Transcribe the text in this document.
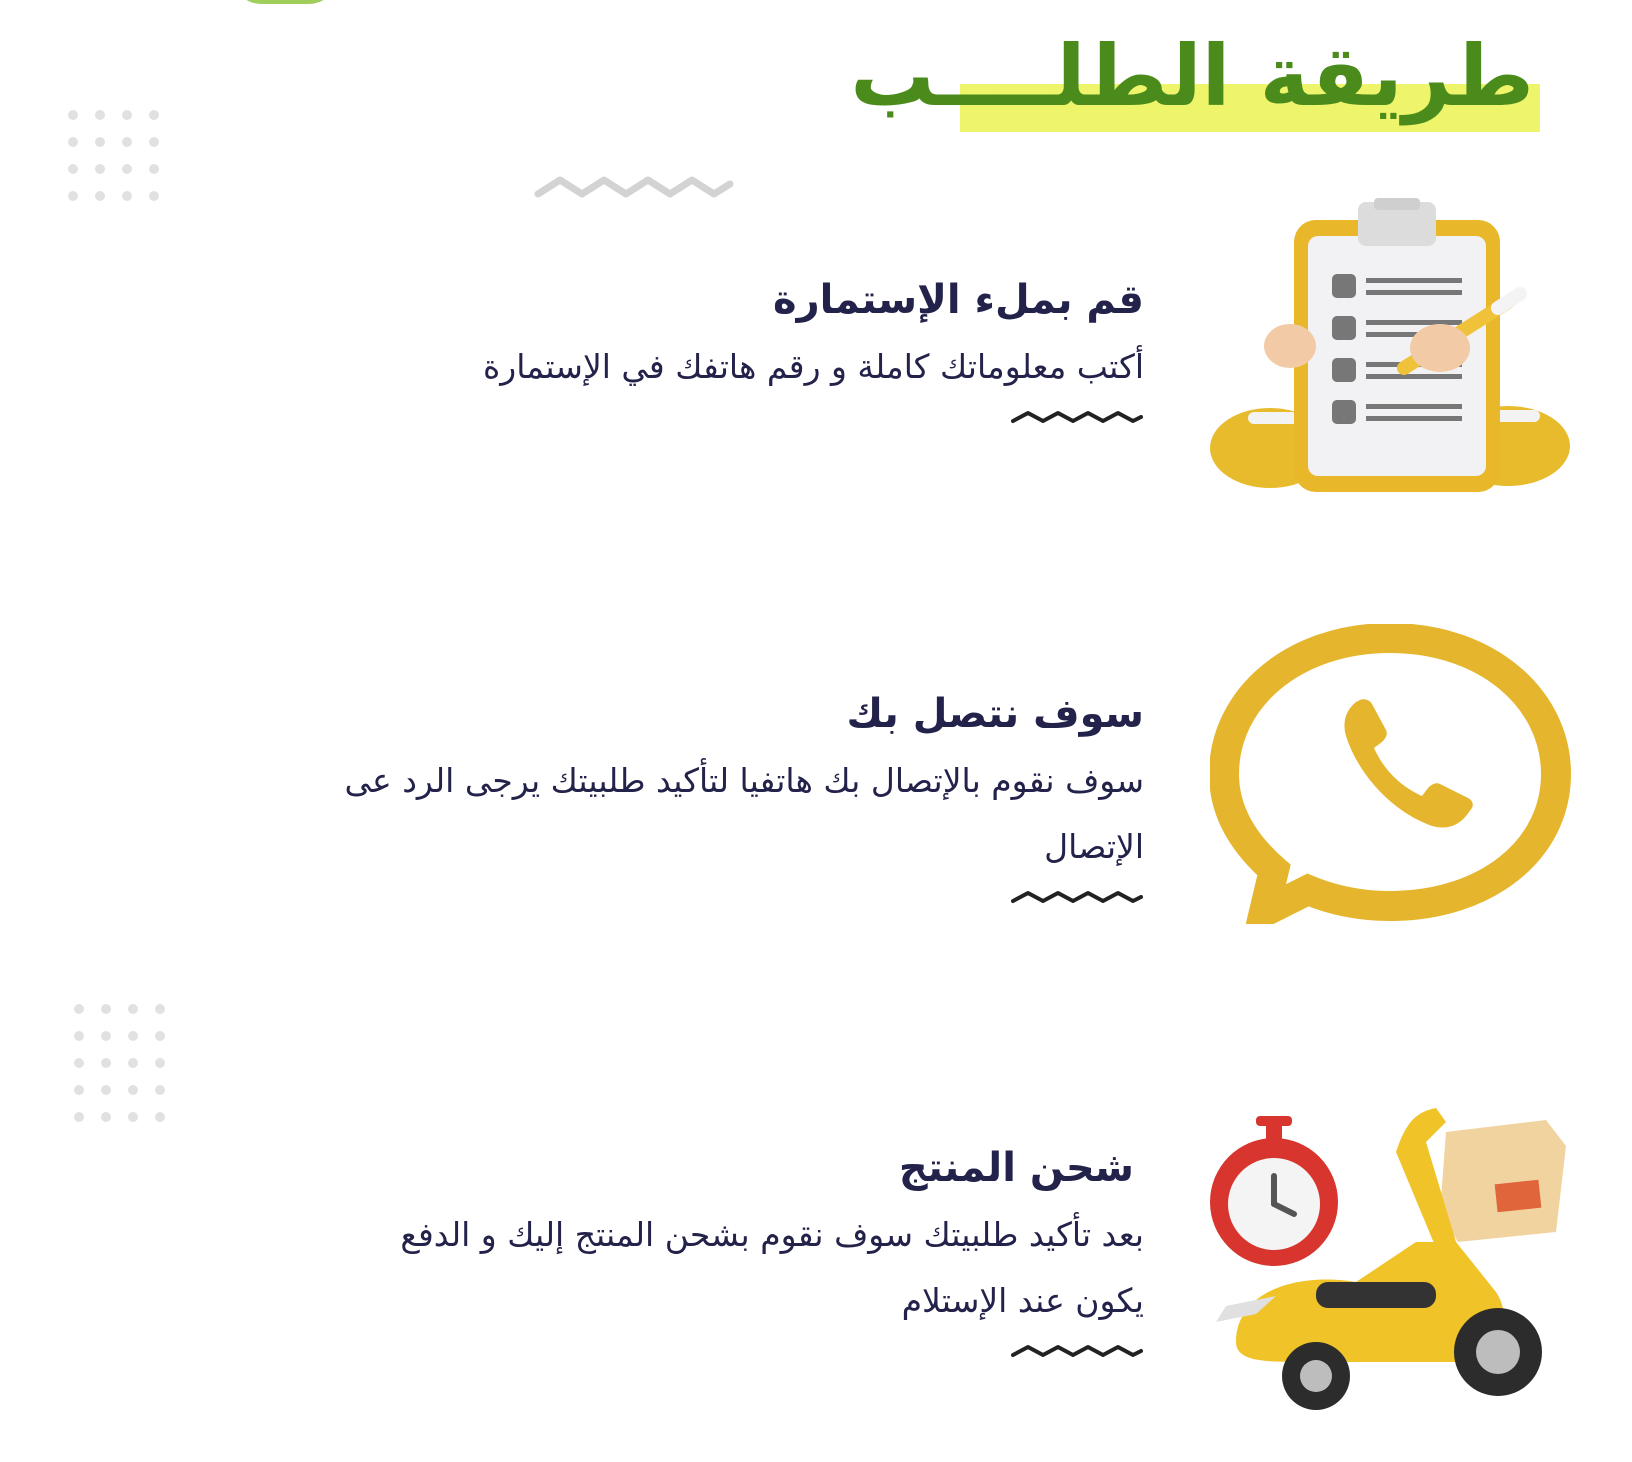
طريقة الطلــــب
قم بملء الإستمارة

أكتب معلوماتك كاملة و رقم هاتفك في الإستمارة

سوف نتصل بك

سوف نقوم بالإتصال بك هاتفيا لتأكيد طلبيتك يرجى الرد عى الإتصال

شحن المنتج

بعد تأكيد طلبيتك سوف نقوم بشحن المنتج إليك و الدفع يكون عند الإستلام
